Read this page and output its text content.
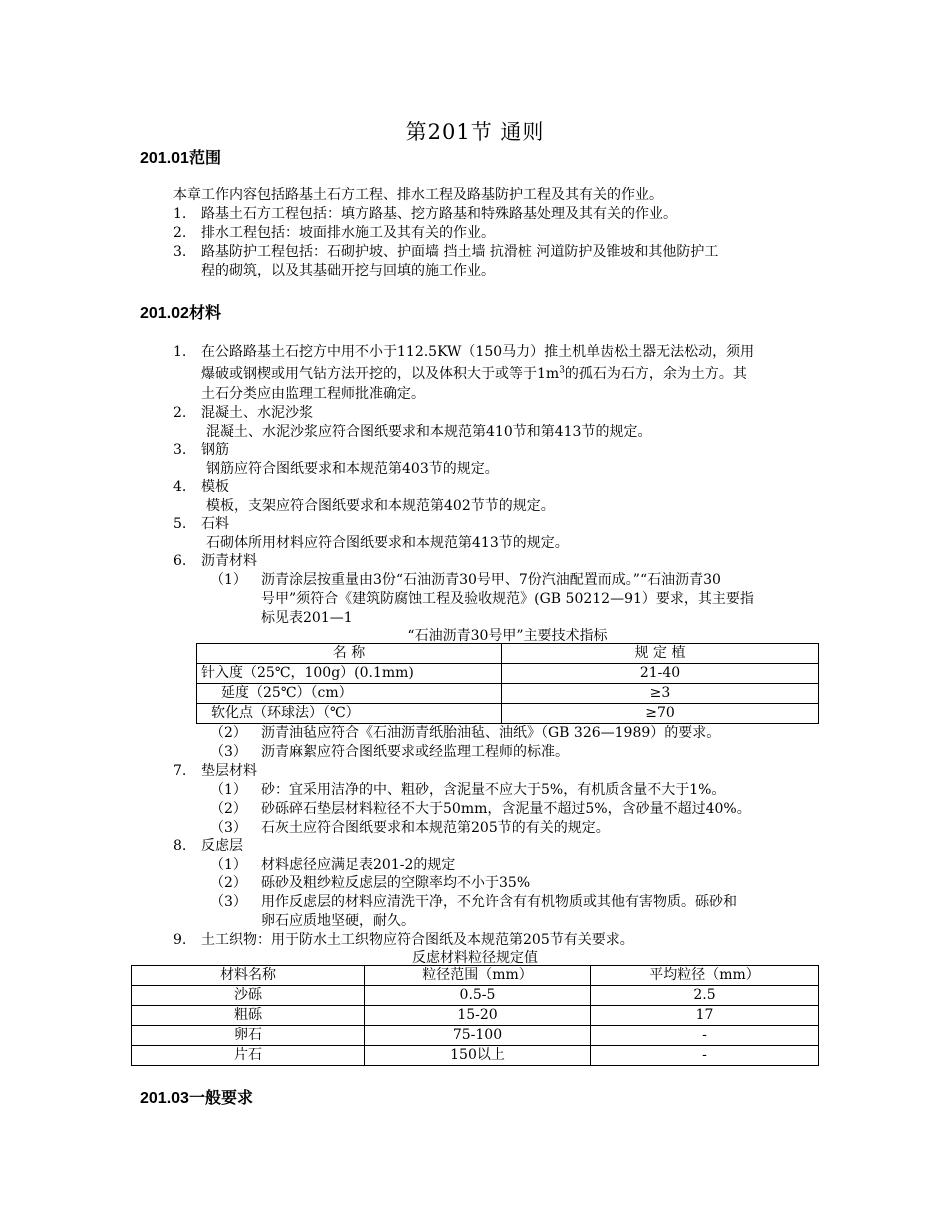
第201节 通则
201.01范围
本章工作内容包括路基土石方工程、排水工程及路基防护工程及其有关的作业。
1. 路基土石方工程包括：填方路基、挖方路基和特殊路基处理及其有关的作业。
2. 排水工程包括：坡面排水施工及其有关的作业。
3. 路基防护工程包括：石砌护坡、护面墙 挡土墙 抗滑桩 河道防护及锥坡和其他防护工
程的砌筑，以及其基础开挖与回填的施工作业。
201.02材料
1. 在公路路基土石挖方中用不小于112.5KW（150马力）推土机单齿松土器无法松动，须用
爆破或钢楔或用气钻方法开挖的，以及体积大于或等于$1m^3$的孤石为石方，余为土方。其
土石分类应由监理工程师批准确定。
2. 混凝土、水泥沙浆
混凝土、水泥沙浆应符合图纸要求和本规范第410节和第413节的规定。
3. 钢筋
钢筋应符合图纸要求和本规范第403节的规定。
4. 模板
模板，支架应符合图纸要求和本规范第402节节的规定。
5. 石料
石砌体所用材料应符合图纸要求和本规范第413节的规定。
6. 沥青材料
（1） 沥青涂层按重量由3份“石油沥青30号甲、7份汽油配置而成。”“石油沥青30
号甲”须符合《建筑防腐蚀工程及验收规范》(GB 50212—91）要求，其主要指
标见表201—1
“石油沥青30号甲”主要技术指标
名 称	规 定 植
针入度（25℃，100g）(0.1mm)	21-40
延度（25℃）（cm）	≥3
软化点（环球法）（℃）	≥70
（2） 沥青油毡应符合《石油沥青纸胎油毡、油纸》（GB 326—1989）的要求。
（3） 沥青麻絮应符合图纸要求或经监理工程师的标准。
7. 垫层材料
（1） 砂：宜采用洁净的中、粗砂，含泥量不应大于5%，有机质含量不大于1%。
（2） 砂砾碎石垫层材料粒径不大于50mm，含泥量不超过5%，含砂量不超过40%。
（3） 石灰土应符合图纸要求和本规范第205节的有关的规定。
8. 反虑层
（1） 材料虑径应满足表201-2的规定
（2） 砾砂及粗纱粒反虑层的空隙率均不小于35%
（3） 用作反虑层的材料应清洗干净，不允许含有有机物质或其他有害物质。砾砂和
卵石应质地坚硬，耐久。
9. 土工织物：用于防水土工织物应符合图纸及本规范第205节有关要求。
反虑材料粒径规定值
材料名称	粒径范围（mm）	平均粒径（mm）
沙砾	0.5-5	2.5
粗砾	15-20	17
卵石	75-100	-
片石	150以上	-
201.03一般要求
